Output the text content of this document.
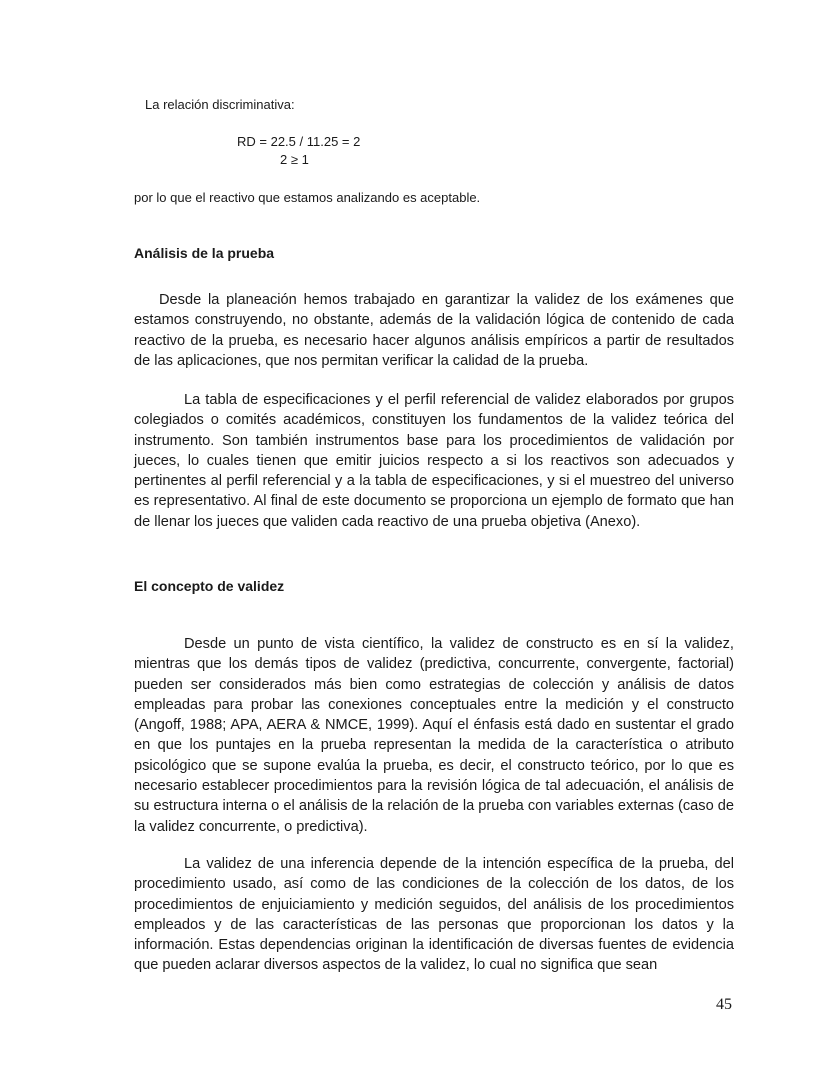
La relación discriminativa:

RD = 22.5 / 11.25 = 2
2 ≥ 1

por lo que el reactivo que estamos analizando es aceptable.

Análisis de la prueba

Desde la planeación hemos trabajado en garantizar la validez de los exámenes que estamos construyendo, no obstante, además de la validación lógica de contenido de cada reactivo de la prueba, es necesario hacer algunos análisis empíricos a partir de resultados de las aplicaciones, que nos permitan verificar la calidad de la prueba.

La tabla de especificaciones y el perfil referencial de validez elaborados por grupos colegiados o comités académicos, constituyen los fundamentos de la validez teórica del instrumento. Son también instrumentos base para los procedimientos de validación por jueces, lo cuales tienen que emitir juicios respecto a si los reactivos son adecuados y pertinentes al perfil referencial y a la tabla de especificaciones, y si el muestreo del universo es representativo. Al final de este documento se proporciona un ejemplo de formato que han de llenar los jueces que validen cada reactivo de una prueba objetiva (Anexo).

El concepto de validez

Desde un punto de vista científico, la validez de constructo es en sí la validez, mientras que los demás tipos de validez (predictiva, concurrente, convergente, factorial) pueden ser considerados más bien como estrategias de colección y análisis de datos empleadas para probar las conexiones conceptuales entre la medición y el constructo (Angoff, 1988; APA, AERA & NMCE, 1999). Aquí el énfasis está dado en sustentar el grado en que los puntajes en la prueba representan la medida de la característica o atributo psicológico que se supone evalúa la prueba, es decir, el constructo teórico, por lo que es necesario establecer procedimientos para la revisión lógica de tal adecuación, el análisis de su estructura interna o el análisis de la relación de la prueba con variables externas (caso de la validez concurrente, o predictiva).

La validez de una inferencia depende de la intención específica de la prueba, del procedimiento usado, así como de las condiciones de la colección de los datos, de los procedimientos de enjuiciamiento y medición seguidos, del análisis de los procedimientos empleados y de las características de las personas que proporcionan los datos y la información. Estas dependencias originan la identificación de diversas fuentes de evidencia que pueden aclarar diversos aspectos de la validez, lo cual no significa que sean

45
